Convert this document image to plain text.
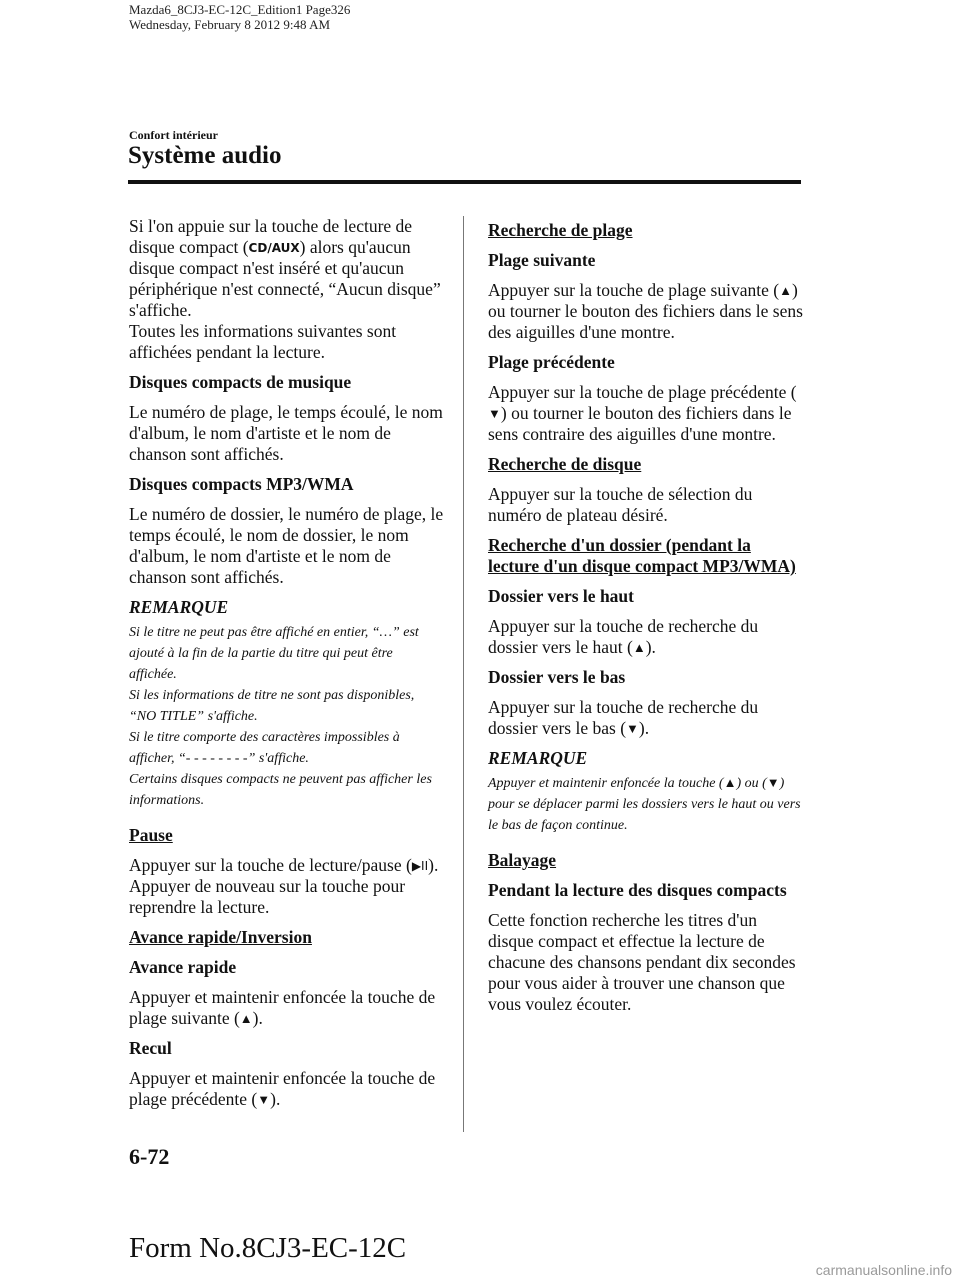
Mazda6_8CJ3-EC-12C_Edition1 Page326
Wednesday, February 8 2012 9:48 AM
Confort intérieur
Système audio

Si l'on appuie sur la touche de lecture de disque compact (CD/AUX) alors qu'aucun disque compact n'est inséré et qu'aucun périphérique n'est connecté, “Aucun disque” s'affiche.
Toutes les informations suivantes sont affichées pendant la lecture.

Disques compacts de musique

Le numéro de plage, le temps écoulé, le nom d'album, le nom d'artiste et le nom de chanson sont affichés.

Disques compacts MP3/WMA

Le numéro de dossier, le numéro de plage, le temps écoulé, le nom de dossier, le nom d'album, le nom d'artiste et le nom de chanson sont affichés.

REMARQUE
Si le titre ne peut pas être affiché en entier, “…” est ajouté à la fin de la partie du titre qui peut être affichée.
Si les informations de titre ne sont pas disponibles, “NO TITLE” s'affiche.
Si le titre comporte des caractères impossibles à afficher, “- - - - - - - -” s'affiche.
Certains disques compacts ne peuvent pas afficher les informations.
Pause

Appuyer sur la touche de lecture/pause (▶II).
Appuyer de nouveau sur la touche pour reprendre la lecture.

Avance rapide/Inversion
Avance rapide

Appuyer et maintenir enfoncée la touche de plage suivante (▲).

Recul

Appuyer et maintenir enfoncée la touche de plage précédente (▼).

Recherche de plage
Plage suivante

Appuyer sur la touche de plage suivante (▲) ou tourner le bouton des fichiers dans le sens des aiguilles d'une montre.

Plage précédente

Appuyer sur la touche de plage précédente (▼) ou tourner le bouton des fichiers dans le sens contraire des aiguilles d'une montre.

Recherche de disque

Appuyer sur la touche de sélection du numéro de plateau désiré.

Recherche d'un dossier (pendant la lecture d'un disque compact MP3/WMA)
Dossier vers le haut

Appuyer sur la touche de recherche du dossier vers le haut (▲).

Dossier vers le bas

Appuyer sur la touche de recherche du dossier vers le bas (▼).

REMARQUE
Appuyer et maintenir enfoncée la touche (▲) ou (▼) pour se déplacer parmi les dossiers vers le haut ou vers le bas de façon continue.
Balayage
Pendant la lecture des disques compacts

Cette fonction recherche les titres d'un disque compact et effectue la lecture de chacune des chansons pendant dix secondes pour vous aider à trouver une chanson que vous voulez écouter.

6-72
Form No.8CJ3-EC-12C
carmanualsonline.info
